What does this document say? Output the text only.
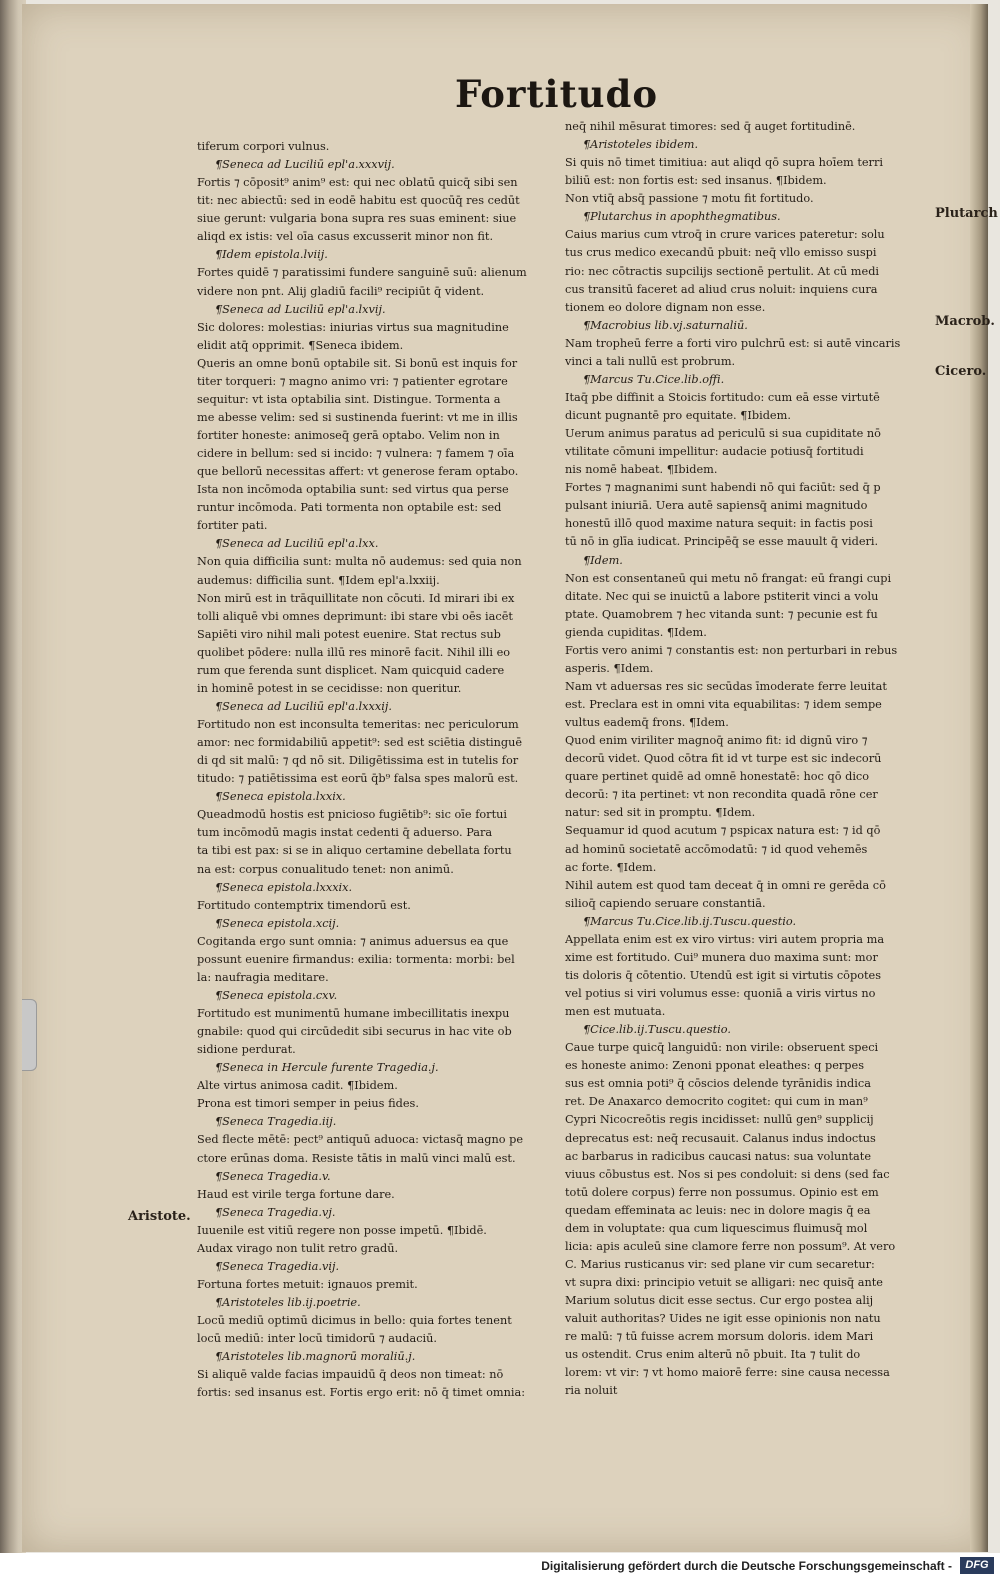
Fortitudo
tiferum corpori vulnus.
¶Seneca ad Luciliū epl'a.xxxvij.
Fortis ⁊ cōposit⁹ anim⁹ est: qui nec oblatū quicq̄ sibi sen
tit: nec abiectū: sed in eodē habitu est quocūq̄ res cedūt
siue gerunt: vulgaria bona supra res suas eminent: siue
aliqd ex istis: vel oīa casus excusserit minor non fit.
¶Idem epistola.lviij.
Fortes quidē ⁊ paratissimi fundere sanguinē suū: alienum
videre non pnt. Alij gladiū facili⁹ recipiūt q̄ vident.
¶Seneca ad Luciliū epl'a.lxvij.
Sic dolores: molestias: iniurias virtus sua magnitudine
elidit atq̄ opprimit. ¶Seneca ibidem.
Queris an omne bonū optabile sit. Si bonū est inquis for
titer torqueri: ⁊ magno animo vri: ⁊ patienter egrotare
sequitur: vt ista optabilia sint. Distingue. Tormenta a
me abesse velim: sed si sustinenda fuerint: vt me in illis
fortiter honeste: animoseq̄ gerā optabo. Velim non in
cidere in bellum: sed si incido: ⁊ vulnera: ⁊ famem ⁊ oīa
que bellorū necessitas affert: vt generose feram optabo.
Ista non incōmoda optabilia sunt: sed virtus qua perse
runtur incōmoda. Pati tormenta non optabile est: sed
fortiter pati.
¶Seneca ad Luciliū epl'a.lxx.
Non quia difficilia sunt: multa nō audemus: sed quia non
audemus: difficilia sunt. ¶Idem epl'a.lxxiij.
Non mirū est in trāquillitate non cōcuti. Id mirari ibi ex
tolli aliquē vbi omnes deprimunt: ibi stare vbi oēs iacēt
Sapiēti viro nihil mali potest euenire. Stat rectus sub
quolibet pōdere: nulla illū res minorē facit. Nihil illi eo
rum que ferenda sunt displicet. Nam quicquid cadere
in hominē potest in se cecidisse: non queritur.
¶Seneca ad Luciliū epl'a.lxxxij.
Fortitudo non est inconsulta temeritas: nec periculorum
amor: nec formidabiliū appetit⁹: sed est sciētia distinguē
di qd sit malū: ⁊ qd nō sit. Diligētissima est in tutelis for
titudo: ⁊ patiētissima est eorū q̄b⁹ falsa spes malorū est.
¶Seneca epistola.lxxix.
Queadmodū hostis est pnicioso fugiētib⁹: sic oīe fortui
tum incōmodū magis instat cedenti q̄ aduerso. Para
ta tibi est pax: si se in aliquo certamine debellata fortu
na est: corpus conualitudo tenet: non animū.
¶Seneca epistola.lxxxix.
Fortitudo contemptrix timendorū est.
¶Seneca epistola.xcij.
Cogitanda ergo sunt omnia: ⁊ animus aduersus ea que
possunt euenire firmandus: exilia: tormenta: morbi: bel
la: naufragia meditare.
¶Seneca epistola.cxv.
Fortitudo est munimentū humane imbecillitatis inexpu
gnabile: quod qui circūdedit sibi securus in hac vite ob
sidione perdurat.
¶Seneca in Hercule furente Tragedia.j.
Alte virtus animosa cadit. ¶Ibidem.
Prona est timori semper in peius fides.
¶Seneca Tragedia.iij.
Sed flecte mētē: pect⁹ antiquū aduoca: victasq̄ magno pe
ctore erūnas doma. Resiste tātis in malū vinci malū est.
¶Seneca Tragedia.v.
Haud est virile terga fortune dare.
¶Seneca Tragedia.vj.
Iuuenile est vitiū regere non posse impetū. ¶Ibidē.
Audax virago non tulit retro gradū.
¶Seneca Tragedia.vij.
Fortuna fortes metuit: ignauos premit.
¶Aristoteles lib.ij.poetrie.
Locū mediū optimū dicimus in bello: quia fortes tenent
locū mediū: inter locū timidorū ⁊ audaciū.
¶Aristoteles lib.magnorū moraliū.j.
Si aliquē valde facias impauidū q̄ deos non timeat: nō
fortis: sed insanus est. Fortis ergo erit: nō q̄ timet omnia:
neq̄ nihil mēsurat timores: sed q̄ auget fortitudinē.
¶Aristoteles ibidem.
Si quis nō timet timitiua: aut aliqd qō supra hoīem terri
biliū est: non fortis est: sed insanus. ¶Ibidem.
Non vtiq̄ absq̄ passione ⁊ motu fit fortitudo.
¶Plutarchus in apophthegmatibus.
Caius marius cum vtroq̄ in crure varices pateretur: solu
tus crus medico execandū pbuit: neq̄ vllo emisso suspi
rio: nec cōtractis supcilijs sectionē pertulit. At cū medi
cus transitū faceret ad aliud crus noluit: inquiens cura
tionem eo dolore dignam non esse.
¶Macrobius lib.vj.saturnaliū.
Nam tropheū ferre a forti viro pulchrū est: si autē vincaris
vinci a tali nullū est probrum.
¶Marcus Tu.Cice.lib.offi.
Itaq̄ pbe diffinit a Stoicis fortitudo: cum eā esse virtutē
dicunt pugnantē pro equitate. ¶Ibidem.
Uerum animus paratus ad periculū si sua cupiditate nō
vtilitate cōmuni impellitur: audacie potiusq̄ fortitudi
nis nomē habeat. ¶Ibidem.
Fortes ⁊ magnanimi sunt habendi nō qui faciūt: sed q̄ p
pulsant iniuriā. Uera autē sapiensq̄ animi magnitudo
honestū illō quod maxime natura sequit: in factis posi
tū nō in glīa iudicat. Principēq̄ se esse mauult q̄ videri.
¶Idem.
Non est consentaneū qui metu nō frangat: eū frangi cupi
ditate. Nec qui se inuictū a labore pstiterit vinci a volu
ptate. Quamobrem ⁊ hec vitanda sunt: ⁊ pecunie est fu
gienda cupiditas. ¶Idem.
Fortis vero animi ⁊ constantis est: non perturbari in rebus
asperis. ¶Idem.
Nam vt aduersas res sic secūdas īmoderate ferre leuitat
est. Preclara est in omni vita equabilitas: ⁊ idem sempe
vultus eademq̄ frons. ¶Idem.
Quod enim viriliter magnoq̄ animo fit: id dignū viro ⁊
decorū videt. Quod cōtra fit id vt turpe est sic indecorū
quare pertinet quidē ad omnē honestatē: hoc qō dico
decorū: ⁊ ita pertinet: vt non recondita quadā rōne cer
natur: sed sit in promptu. ¶Idem.
Sequamur id quod acutum ⁊ pspicax natura est: ⁊ id qō
ad hominū societatē accōmodatū: ⁊ id quod vehemēs
ac forte. ¶Idem.
Nihil autem est quod tam deceat q̄ in omni re gerēda cō
silioq̄ capiendo seruare constantiā.
¶Marcus Tu.Cice.lib.ij.Tuscu.questio.
Appellata enim est ex viro virtus: viri autem propria ma
xime est fortitudo. Cui⁹ munera duo maxima sunt: mor
tis doloris q̄ cōtentio. Utendū est igit si virtutis cōpotes
vel potius si viri volumus esse: quoniā a viris virtus no
men est mutuata.
¶Cice.lib.ij.Tuscu.questio.
Caue turpe quicq̄ languidū: non virile: obseruent speci
es honeste animo: Zenoni pponat eleathes: q perpes
sus est omnia poti⁹ q̄ cōscios delende tyrānidis indica
ret. De Anaxarco democrito cogitet: qui cum in man⁹
Cypri Nicocreōtis regis incidisset: nullū gen⁹ supplicij
deprecatus est: neq̄ recusauit. Calanus indus indoctus
ac barbarus in radicibus caucasi natus: sua voluntate
viuus cōbustus est. Nos si pes condoluit: si dens (sed fac
totū dolere corpus) ferre non possumus. Opinio est em
quedam effeminata ac leuis: nec in dolore magis q̄ ea
dem in voluptate: qua cum liquescimus fluimusq̄ mol
licia: apis aculeū sine clamore ferre non possum⁹. At vero
C. Marius rusticanus vir: sed plane vir cum secaretur:
vt supra dixi: principio vetuit se alligari: nec quisq̄ ante
Marium solutus dicit esse sectus. Cur ergo postea alij
valuit authoritas? Uides ne igit esse opinionis non natu
re malū: ⁊ tū fuisse acrem morsum doloris. idem Mari
us ostendit. Crus enim alterū nō pbuit. Ita ⁊ tulit do
lorem: vt vir: ⁊ vt homo maiorē ferre: sine causa necessa
ria noluit
Plutarch
Macrob.
Cicero.
Aristote.
Digitalisierung gefördert durch die Deutsche Forschungsgemeinschaft -	DFG
